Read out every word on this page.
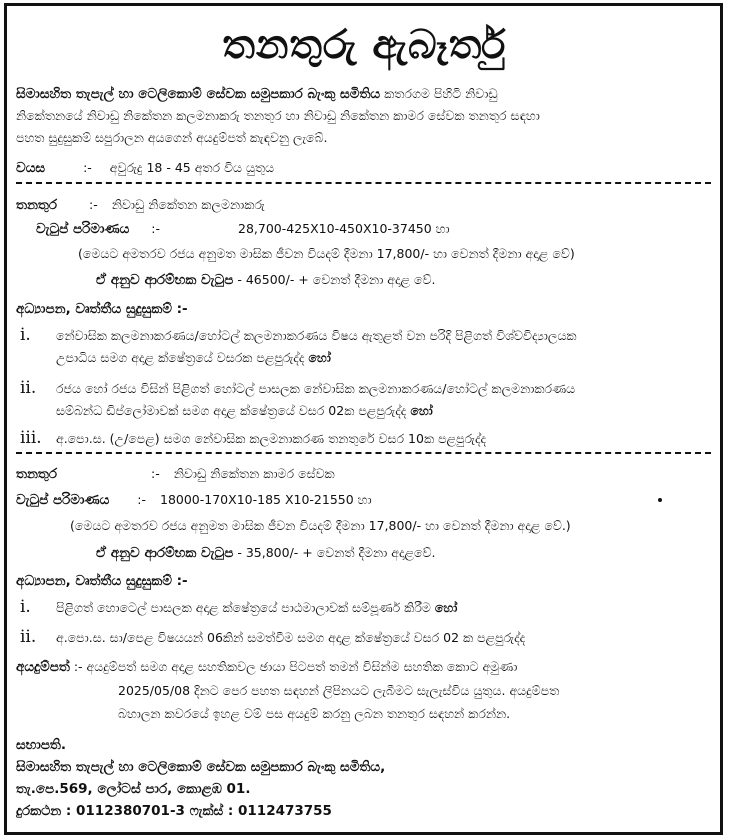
තනතුරු ඇබෑර්තු
සිමාසහිත තැපැල් හා ටෙලිකොම් සේවක සමුපකාර බැංකු සමිතිය කතරගම පිහිටි නිවාඩු
නිකේතනයේ නිවාඩු නිකේතන කලමනාකරු තනතුර හා නිවාඩු නිකේතන කාමර සේවක තනතුර සඳහා
පහත සුදුසුකම් සපුරාලන අයගෙන් අයදුම්පත් කැඳවනු ලැබේ.
වයස	:- අවුරුදු 18 - 45 අතර විය යුතුය
තනතුර	:- නිවාඩු නිකේතන කලමනාකරු
වැටුප් පරිමාණය :-	28,700-425X10-450X10-37450 හා
(මෙයට අමතරව රජය අනුමත මාසික ජීවන වියදම් දීමනා 17,800/- හා වෙනත් දීමනා අදාළ වේ)
ඒ අනුව ආරම්භක වැටුප - 46500/- + වෙනත් දීමනා අදාළ වේ.
අධ්‍යාපන, වෘත්තීය සුදුසුකම් :-
i. නේවාසික කලමනාකරණය/හෝටල් කලමනාකරණය විෂය ඇතුළත් වන පරිදි පිළිගත් විශ්වවිද්‍යාලයක
උපාධිය සමග අදාළ ක්ෂේත්‍රයේ වසරක පළපුරුද්ද හෝ
ii. රජය හෝ රජය විසින් පිළිගත් හෝටල් පාසලක නේවාසික කලමනාකරණය/හෝටල් කලමනාකරණය
සම්බන්ධ ඩිප්ලෝමාවක් සමග අදාළ ක්ෂේත්‍රයේ වසර 02ක පළපුරුද්ද හෝ
iii. අ.පො.ස. (උ/පෙළ) සමග නේවාසික කලමනාකරණ තනතුරේ වසර 10ක පළපුරුද්ද
තනතුර	:- නිවාඩු නිකේතන කාමර සේවක
වැටුප් පරිමාණය :- 18000-170X10-185 X10-21550 හා
(මෙයට අමතරව රජය අනුමත මාසික ජීවන වියදම් දීමනා 17,800/- හා වෙනත් දීමනා අදාළ වේ.)
ඒ අනුව ආරම්භක වැටුප - 35,800/- + වෙනත් දීමනා අදාළවේ.
අධ්‍යාපන, වෘත්තීය සුදුසුකම් :-
i. පිළිගත් හොටෙල් පාසලක අදාළ ක්ෂේත්‍රයේ පාඨමාලාවක් සම්පූර්ණ කිරීම හෝ
ii. අ.පො.ස. සා/පෙළ විෂයයන් 06කින් සමත්වීම සමග අදාළ ක්ෂේත්‍රයේ වසර 02 ක පළපුරුද්ද
අයදුම්පත් :- අයදුම්පත් සමග අදාළ සහතිකවල ඡායා පිටපත් තමන් විසින්ම සහතික කොට අමුණා
2025/05/08 දිනට පෙර පහත සඳහන් ලිපිනයට ලැබීමට සැලැස්විය යුතුය. අයදුම්පත
බහාලන කවරයේ ඉහළ වම් පස අයදුම් කරනු ලබන තනතුර සඳහන් කරන්න.
සභාපති.
සිමාසහිත තැපැල් හා ටෙලිකොම් සේවක සමුපකාර බැංකු සමිතිය,
තැ.පෙ.569, ලෝටස් පාර, කොළඹ 01.
දුරකථන : 0112380701-3 ෆැක්ස් : 0112473755
